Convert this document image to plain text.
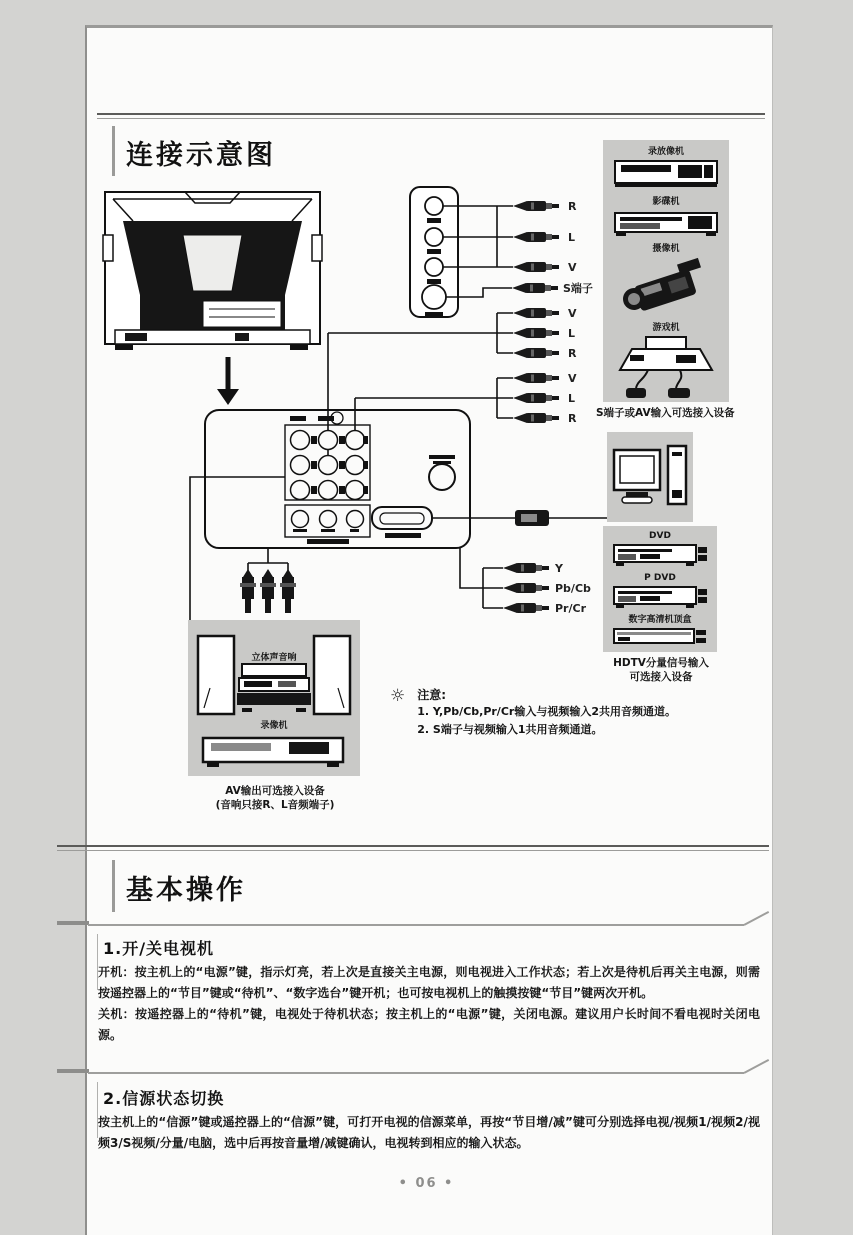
连接示意图
R
L
V
S端子
V
L
R
V
L
R
Y
Pb/Cb
Pr/Cr
录放像机
影碟机
摄像机
游戏机
S端子或AV输入可选接入设备
DVD
P DVD
数字高清机顶盒
HDTV分量信号输入
可选接入设备
立体声音响
录像机
AV输出可选接入设备
(音响只接R、L音频端子)
☼ 注意:
1. Y,Pb/Cb,Pr/Cr输入与视频输入2共用音频通道。
2. S端子与视频输入1共用音频通道。
基本操作
1.开/关电视机

开机：按主机上的“电源”键，指示灯亮，若上次是直接关主电源，则电视进入工作状态；若上次是待机后再关主电源，则需按遥控器上的“节目”键或“待机”、“数字选台”键开机；也可按电视机上的触摸按键“节目”键两次开机。

关机：按遥控器上的“待机”键，电视处于待机状态；按主机上的“电源”键，关闭电源。建议用户长时间不看电视时关闭电源。

2.信源状态切换

按主机上的“信源”键或遥控器上的“信源”键，可打开电视的信源菜单，再按“节目增/减”键可分别选择电视/视频1/视频2/视频3/S视频/分量/电脑，选中后再按音量增/减键确认，电视转到相应的输入状态。

• 06 •
